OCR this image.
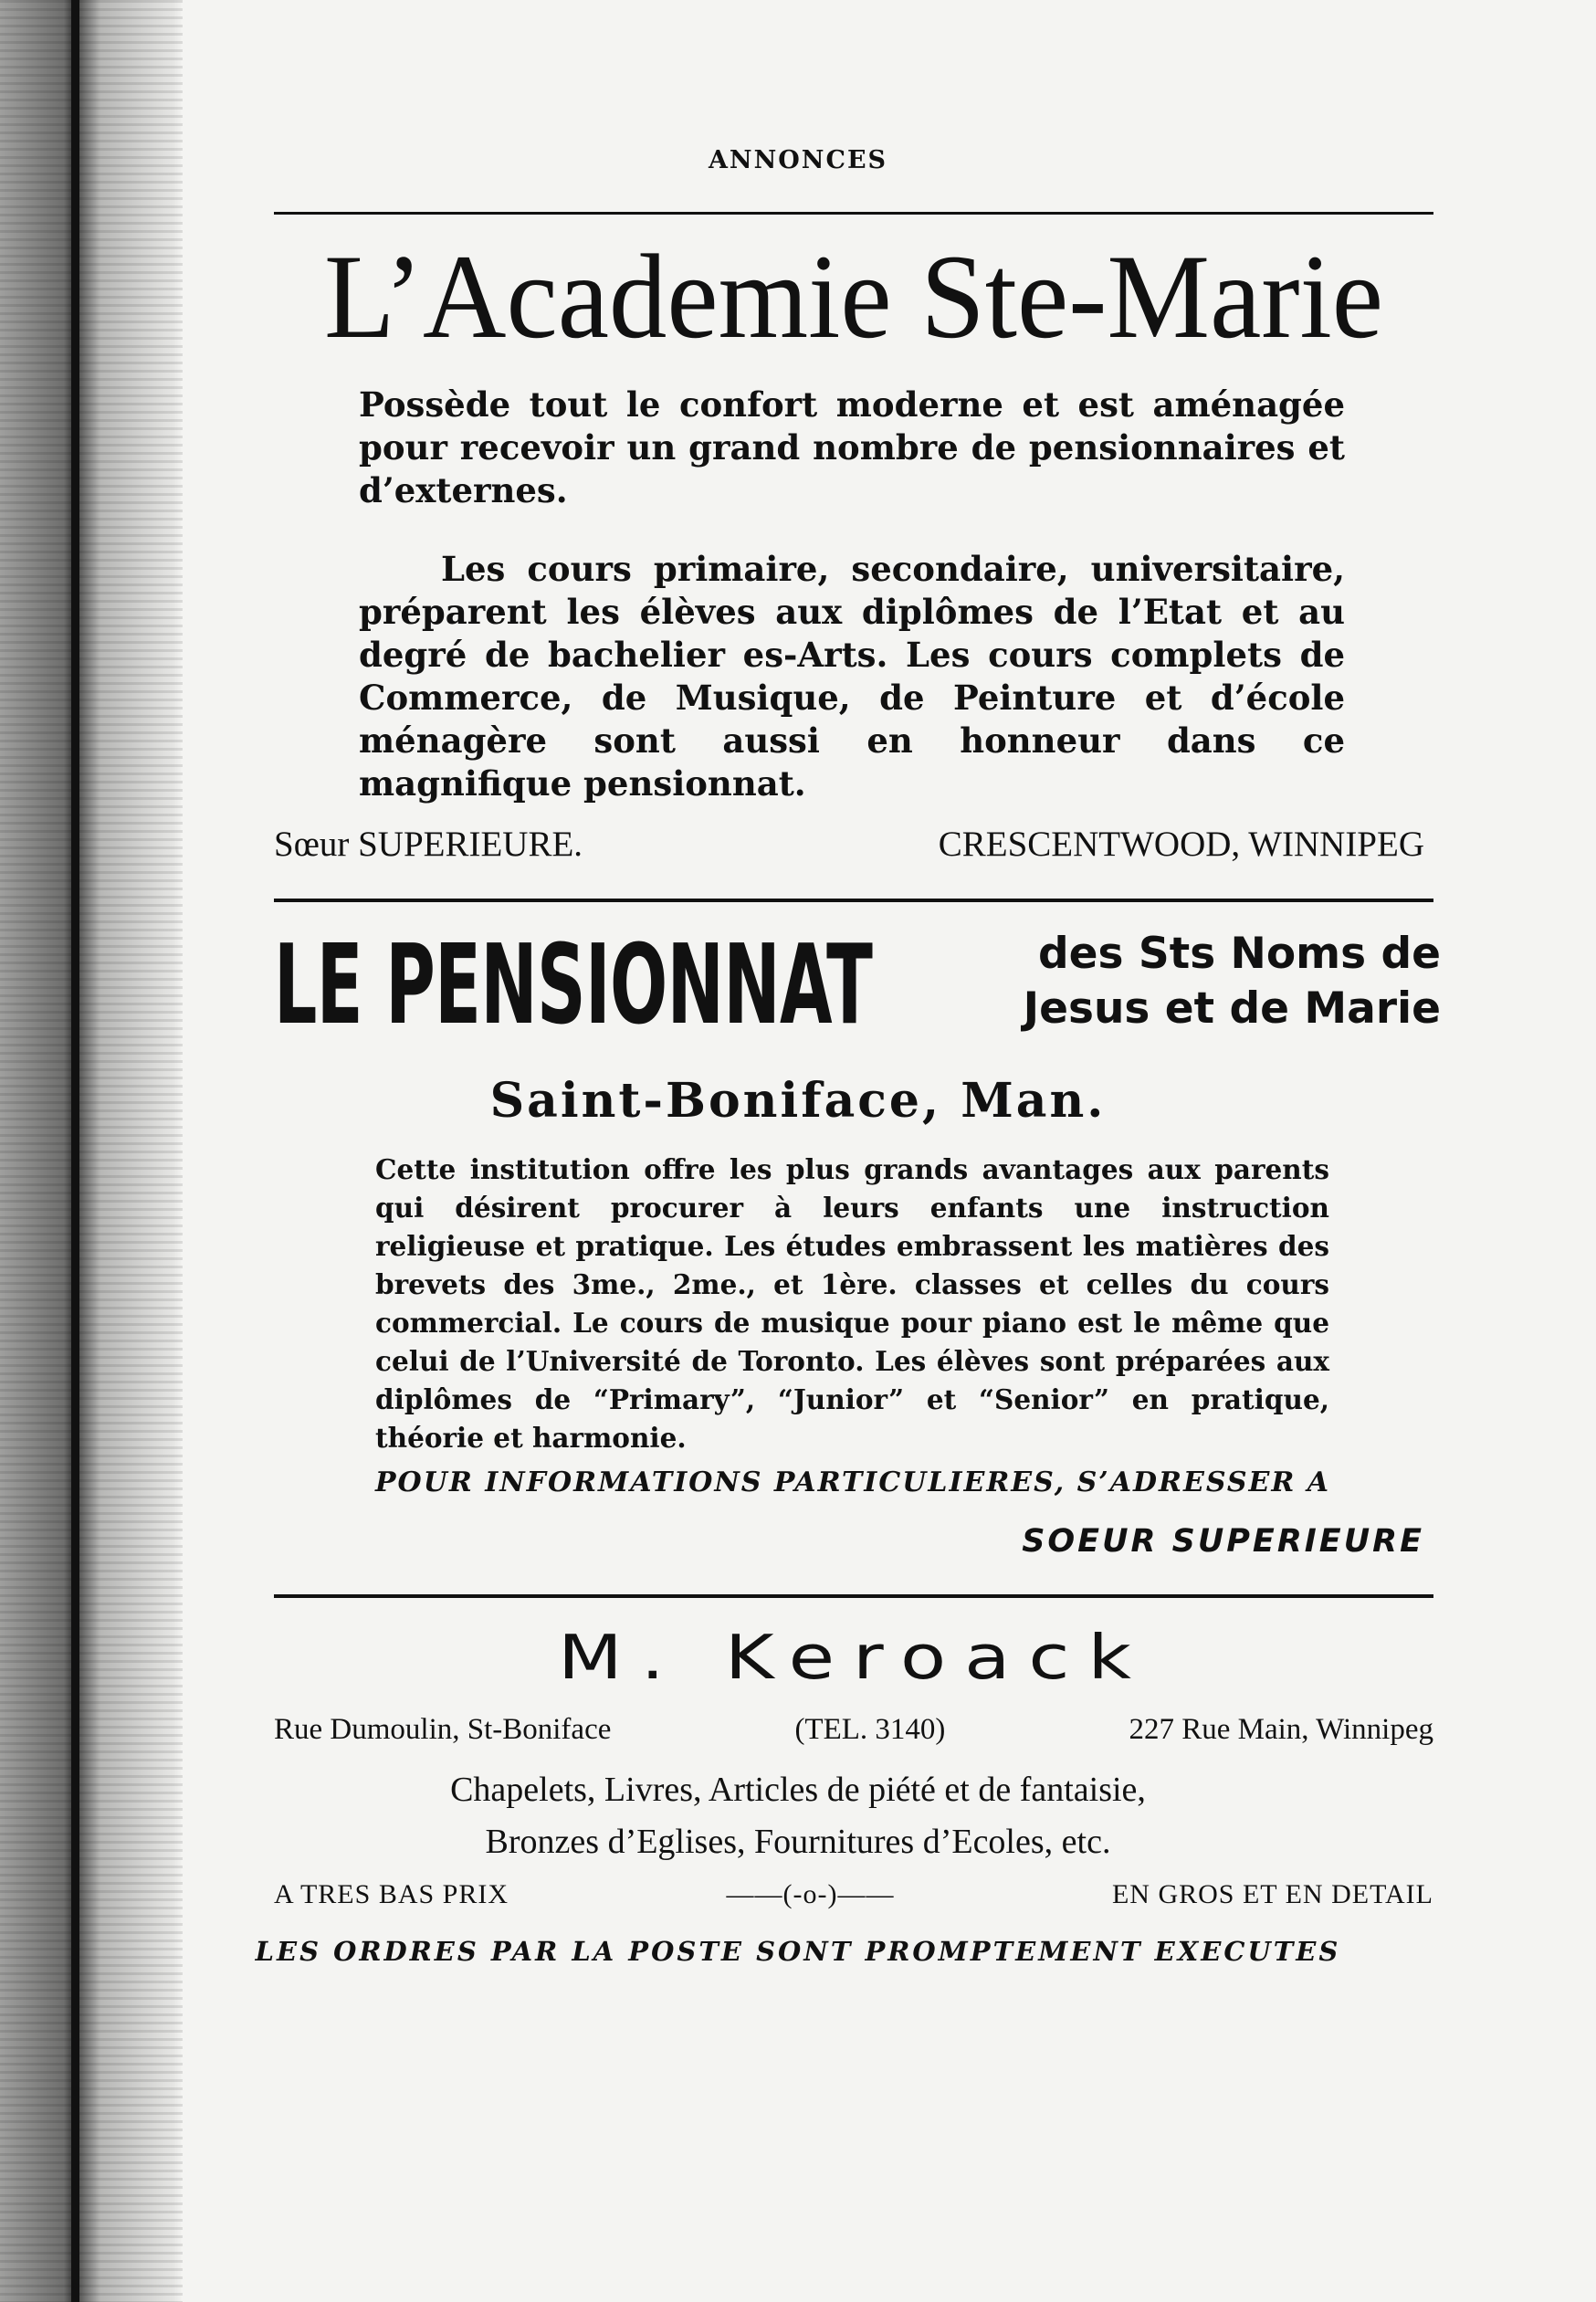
ANNONCES
L’Academie Ste-Marie
Possède tout le confort moderne et est aménagée pour recevoir un grand nombre de pensionnaires et d’externes.
Les cours primaire, secondaire, universitaire, préparent les élèves aux diplômes de l’Etat et au degré de bachelier es-Arts. Les cours complets de Commerce, de Musique, de Peinture et d’école ménagère sont aussi en honneur dans ce magnifique pensionnat.
Sœur SUPERIEURE.	CRESCENTWOOD, WINNIPEG
LE PENSIONNAT	des Sts Noms de
Jesus et de Marie
Saint-Boniface, Man.
Cette institution offre les plus grands avantages aux parents qui désirent procurer à leurs enfants une instruction religieuse et pratique. Les études embrassent les matières des brevets des 3me., 2me., et 1ère. classes et celles du cours commercial. Le cours de musique pour piano est le même que celui de l’Université de Toronto. Les élèves sont préparées aux diplômes de “Primary”, “Junior” et “Senior” en pratique, théorie et harmonie.
POUR INFORMATIONS PARTICULIERES, S’ADRESSER A
SOEUR SUPERIEURE
M. Keroack
Rue Dumoulin, St-Boniface	(TEL. 3140)	227 Rue Main, Winnipeg
Chapelets, Livres, Articles de piété et de fantaisie,
Bronzes d’Eglises, Fournitures d’Ecoles, etc.
A TRES BAS PRIX	——(-o-)——	EN GROS ET EN DETAIL
LES ORDRES PAR LA POSTE SONT PROMPTEMENT EXECUTES
